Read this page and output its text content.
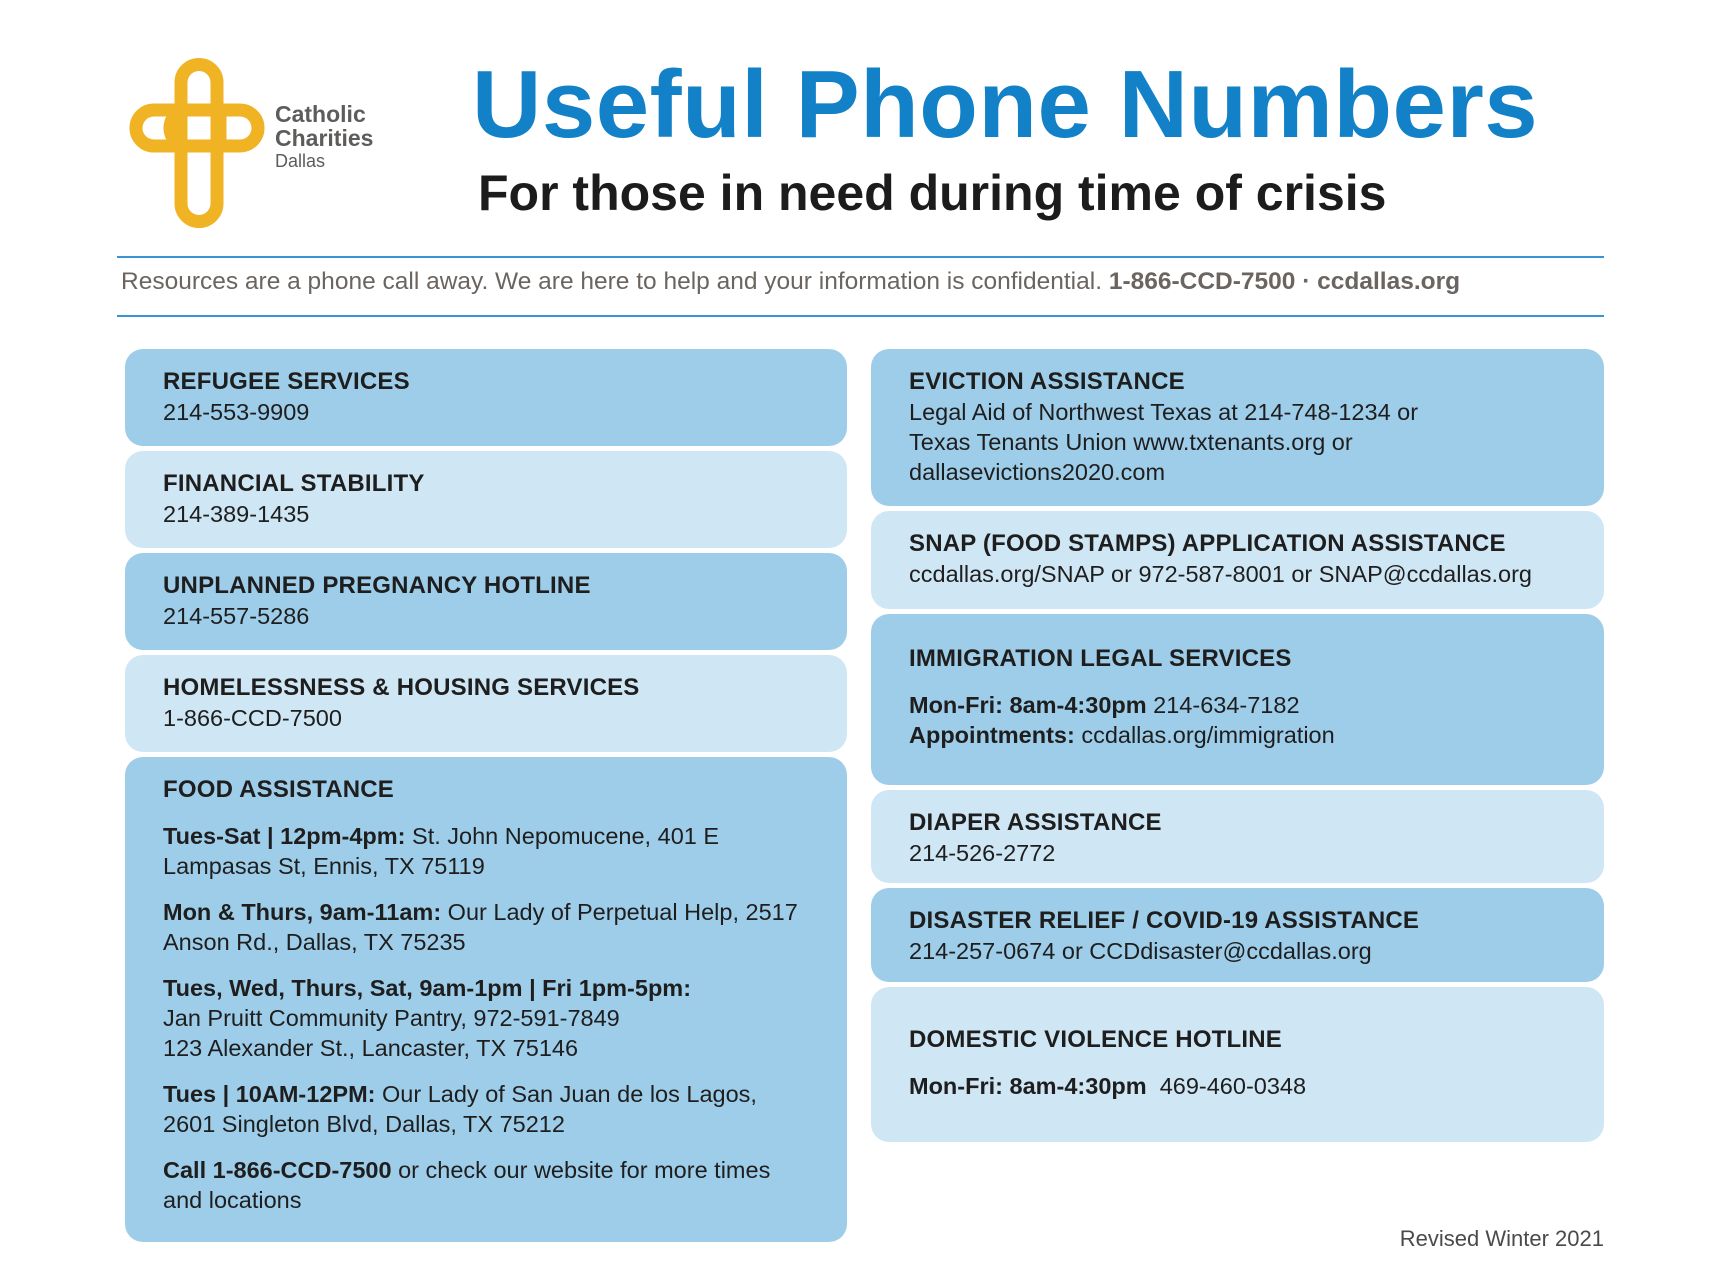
Catholic
Charities
Dallas
Useful Phone Numbers
For those in need during time of crisis
Resources are a phone call away. We are here to help and your information is confidential. 1-866-CCD-7500 · ccdallas.org
REFUGEE SERVICES

214-553-9909

FINANCIAL STABILITY

214-389-1435

UNPLANNED PREGNANCY HOTLINE

214-557-5286

HOMELESSNESS & HOUSING SERVICES

1-866-CCD-7500

FOOD ASSISTANCE

Tues-Sat | 12pm-4pm: St. John Nepomucene, 401 E Lampasas St, Ennis, TX 75119

Mon & Thurs, 9am-11am: Our Lady of Perpetual Help, 2517 Anson Rd., Dallas, TX 75235

Tues, Wed, Thurs, Sat, 9am-1pm | Fri 1pm-5pm:
Jan Pruitt Community Pantry, 972-591-7849
123 Alexander St., Lancaster, TX 75146

Tues | 10AM-12PM: Our Lady of San Juan de los Lagos, 2601 Singleton Blvd, Dallas, TX 75212

Call 1-866-CCD-7500 or check our website for more times and locations

EVICTION ASSISTANCE

Legal Aid of Northwest Texas at 214-748-1234 or

Texas Tenants Union www.txtenants.org or

dallasevictions2020.com

SNAP (FOOD STAMPS) APPLICATION ASSISTANCE

ccdallas.org/SNAP or 972-587-8001 or SNAP@ccdallas.org

IMMIGRATION LEGAL SERVICES

Mon-Fri: 8am-4:30pm 214-634-7182

Appointments: ccdallas.org/immigration

DIAPER ASSISTANCE

214-526-2772

DISASTER RELIEF / COVID-19 ASSISTANCE

214-257-0674 or CCDdisaster@ccdallas.org

DOMESTIC VIOLENCE HOTLINE

Mon-Fri: 8am-4:30pm  469-460-0348

Revised Winter 2021
